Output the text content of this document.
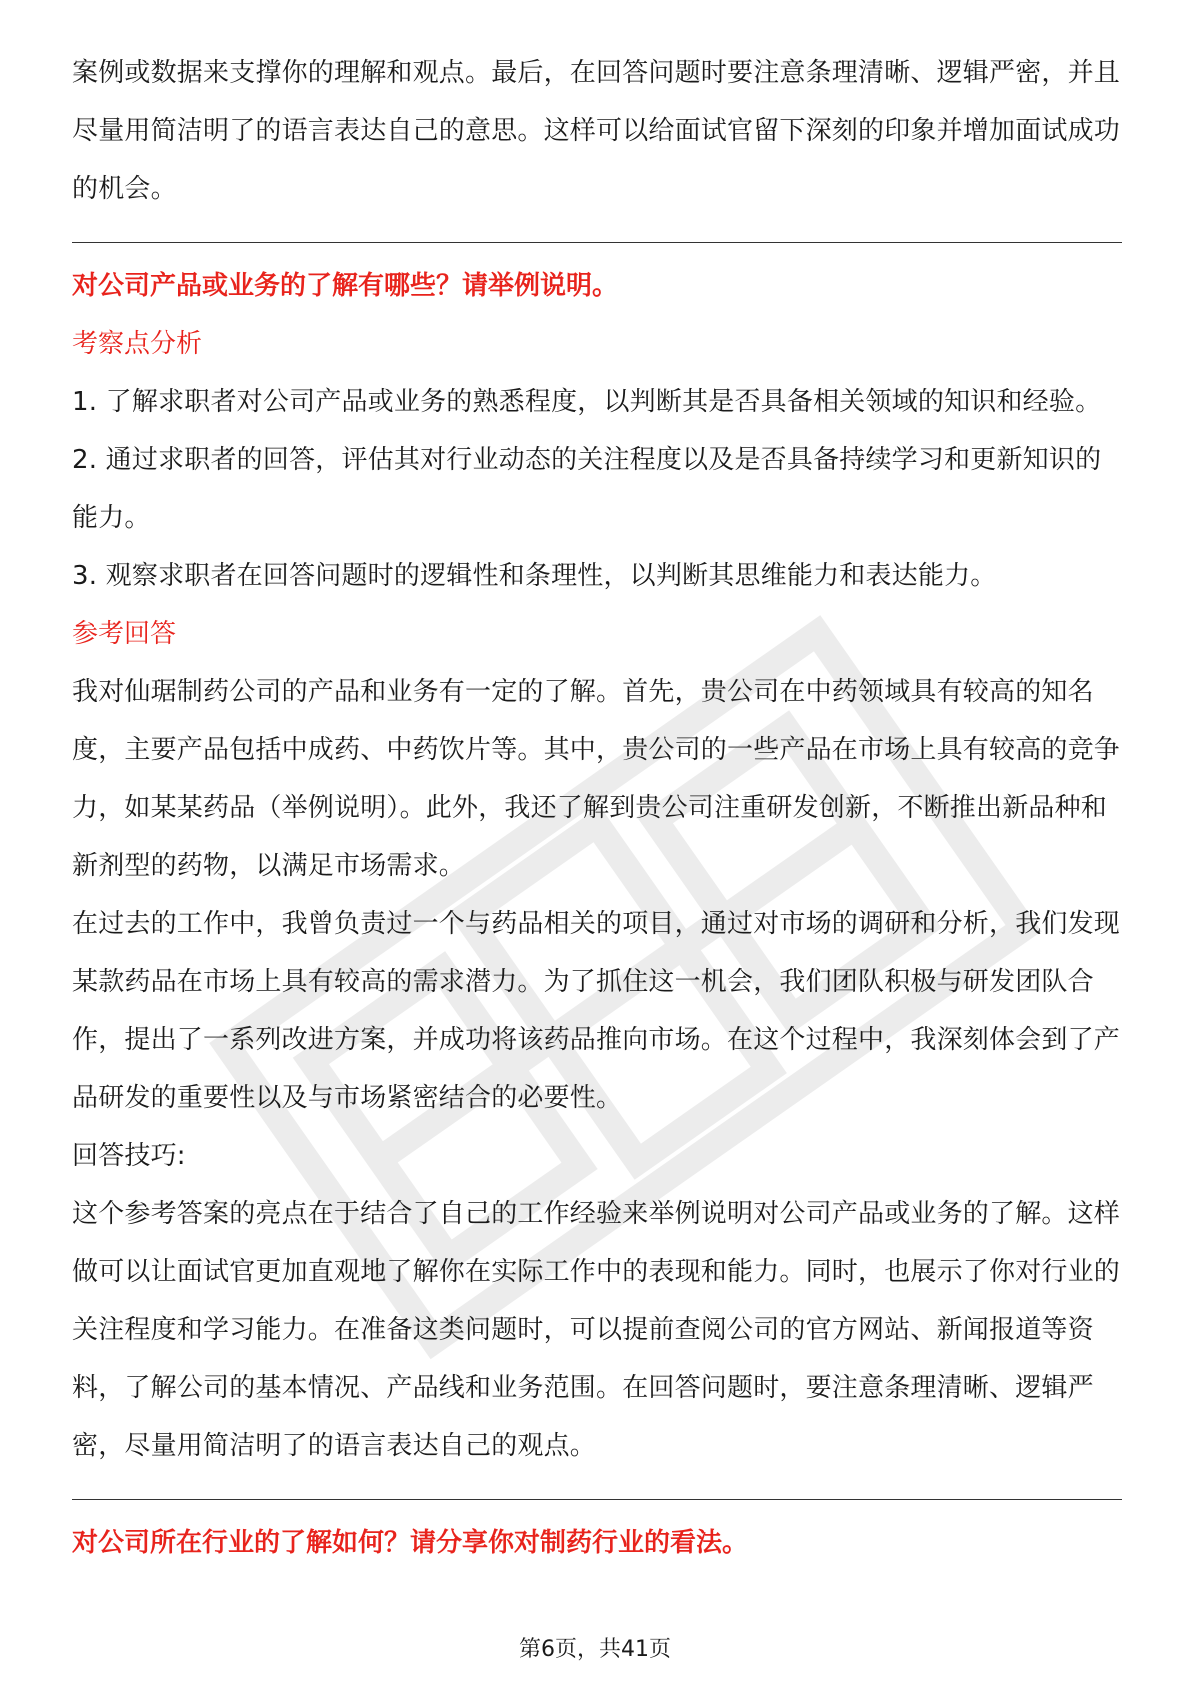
案例或数据来支撑你的理解和观点。最后，在回答问题时要注意条理清晰、逻辑严密，并且尽量用简洁明了的语言表达自己的意思。这样可以给面试官留下深刻的印象并增加面试成功的机会。

对公司产品或业务的了解有哪些？请举例说明。

考察点分析

1. 了解求职者对公司产品或业务的熟悉程度，以判断其是否具备相关领域的知识和经验。

2. 通过求职者的回答，评估其对行业动态的关注程度以及是否具备持续学习和更新知识的能力。

3. 观察求职者在回答问题时的逻辑性和条理性，以判断其思维能力和表达能力。

参考回答

我对仙琚制药公司的产品和业务有一定的了解。首先，贵公司在中药领域具有较高的知名度，主要产品包括中成药、中药饮片等。其中，贵公司的一些产品在市场上具有较高的竞争力，如某某药品（举例说明）。此外，我还了解到贵公司注重研发创新，不断推出新品种和新剂型的药物，以满足市场需求。

在过去的工作中，我曾负责过一个与药品相关的项目，通过对市场的调研和分析，我们发现某款药品在市场上具有较高的需求潜力。为了抓住这一机会，我们团队积极与研发团队合作，提出了一系列改进方案，并成功将该药品推向市场。在这个过程中，我深刻体会到了产品研发的重要性以及与市场紧密结合的必要性。

回答技巧:

这个参考答案的亮点在于结合了自己的工作经验来举例说明对公司产品或业务的了解。这样做可以让面试官更加直观地了解你在实际工作中的表现和能力。同时，也展示了你对行业的关注程度和学习能力。在准备这类问题时，可以提前查阅公司的官方网站、新闻报道等资料，了解公司的基本情况、产品线和业务范围。在回答问题时，要注意条理清晰、逻辑严密，尽量用简洁明了的语言表达自己的观点。

对公司所在行业的了解如何？请分享你对制药行业的看法。

第6页，共41页
